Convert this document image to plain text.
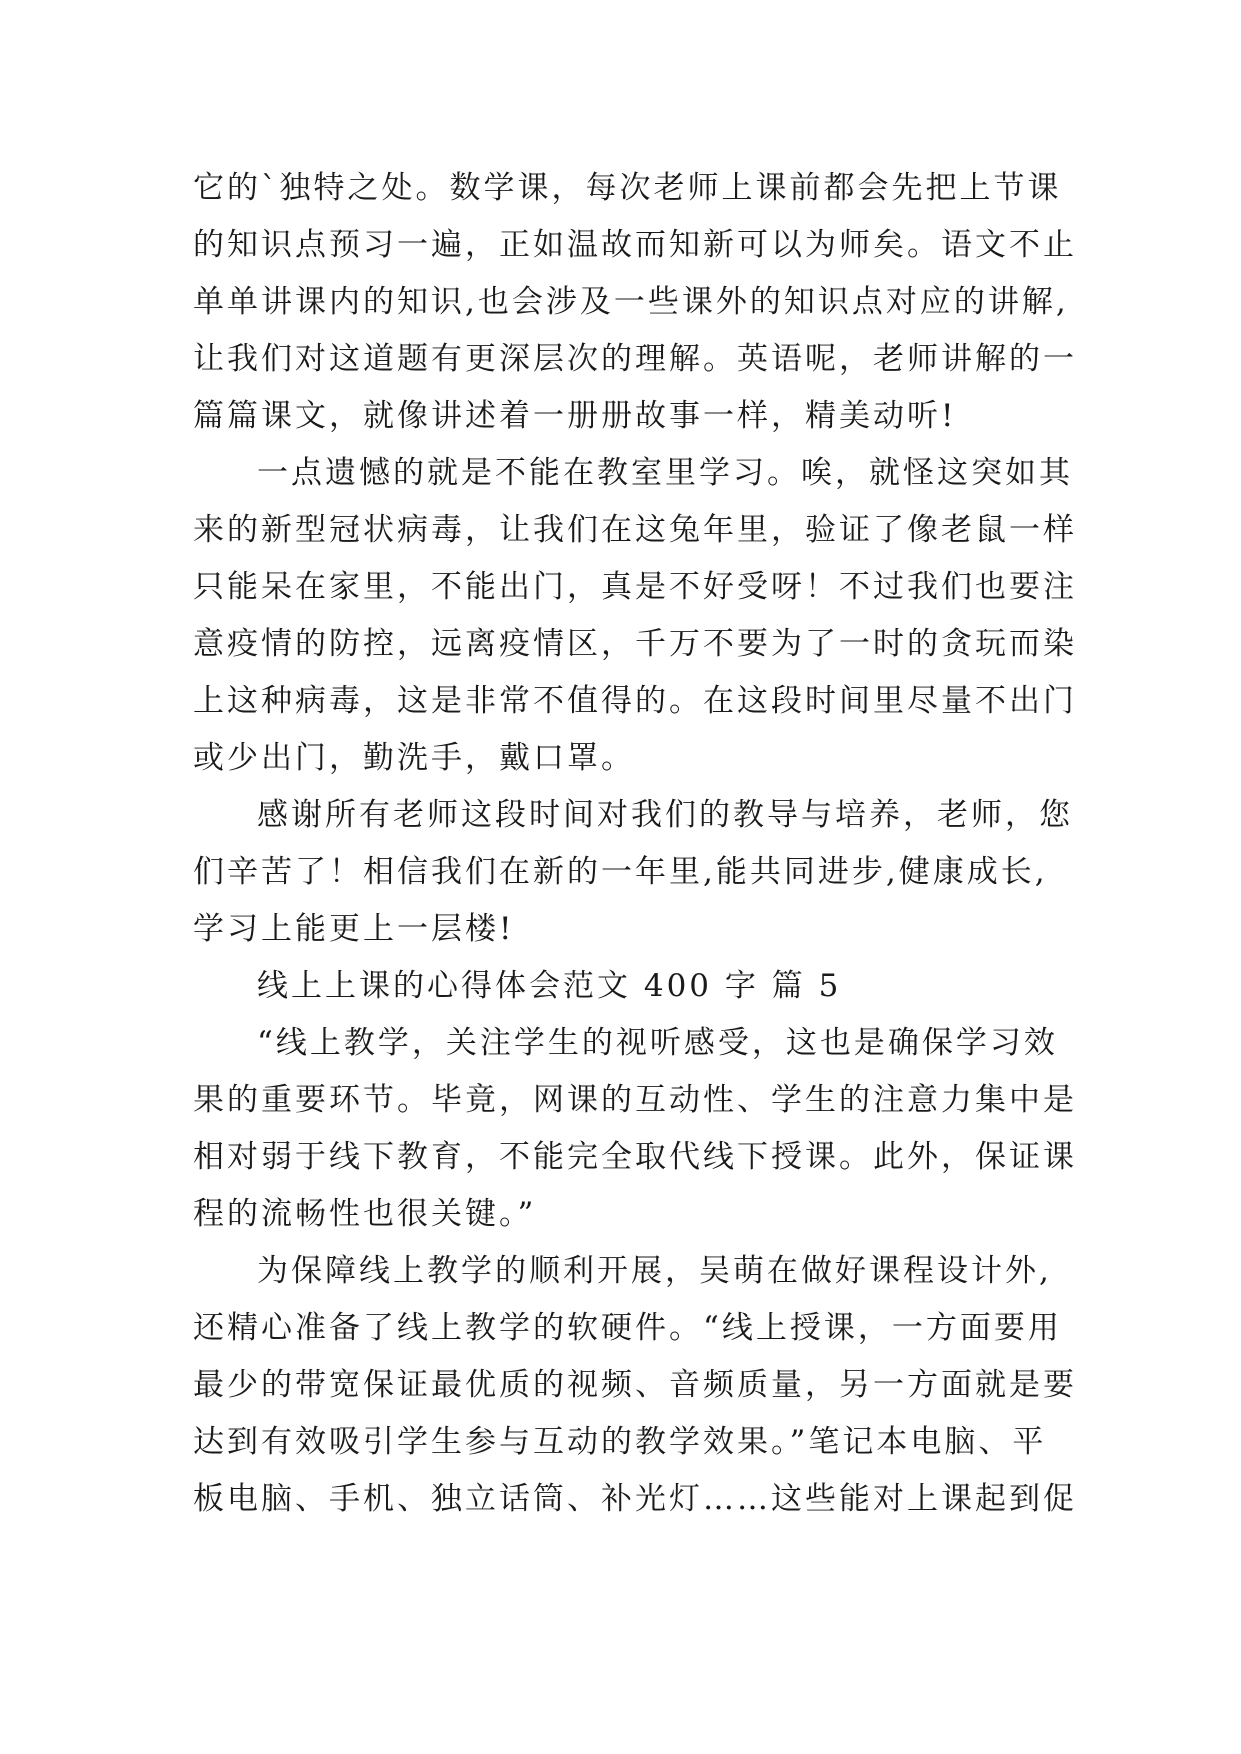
它的`独特之处。数学课，每次老师上课前都会先把上节课
的知识点预习一遍，正如温故而知新可以为师矣。语文不止
单单讲课内的知识,也会涉及一些课外的知识点对应的讲解,
让我们对这道题有更深层次的理解。英语呢，老师讲解的一
篇篇课文，就像讲述着一册册故事一样，精美动听!
一点遗憾的就是不能在教室里学习。唉，就怪这突如其
来的新型冠状病毒，让我们在这兔年里，验证了像老鼠一样
只能呆在家里，不能出门，真是不好受呀！不过我们也要注
意疫情的防控，远离疫情区，千万不要为了一时的贪玩而染
上这种病毒，这是非常不值得的。在这段时间里尽量不出门
或少出门，勤洗手，戴口罩。
感谢所有老师这段时间对我们的教导与培养，老师，您
们辛苦了！相信我们在新的一年里,能共同进步,健康成长,
学习上能更上一层楼!
线上上课的心得体会范文 400 字 篇 5
“线上教学，关注学生的视听感受，这也是确保学习效
果的重要环节。毕竟，网课的互动性、学生的注意力集中是
相对弱于线下教育，不能完全取代线下授课。此外，保证课
程的流畅性也很关键。”
为保障线上教学的顺利开展，吴萌在做好课程设计外,
还精心准备了线上教学的软硬件。“线上授课，一方面要用
最少的带宽保证最优质的视频、音频质量，另一方面就是要
达到有效吸引学生参与互动的教学效果。”笔记本电脑、平
板电脑、手机、独立话筒、补光灯……这些能对上课起到促
